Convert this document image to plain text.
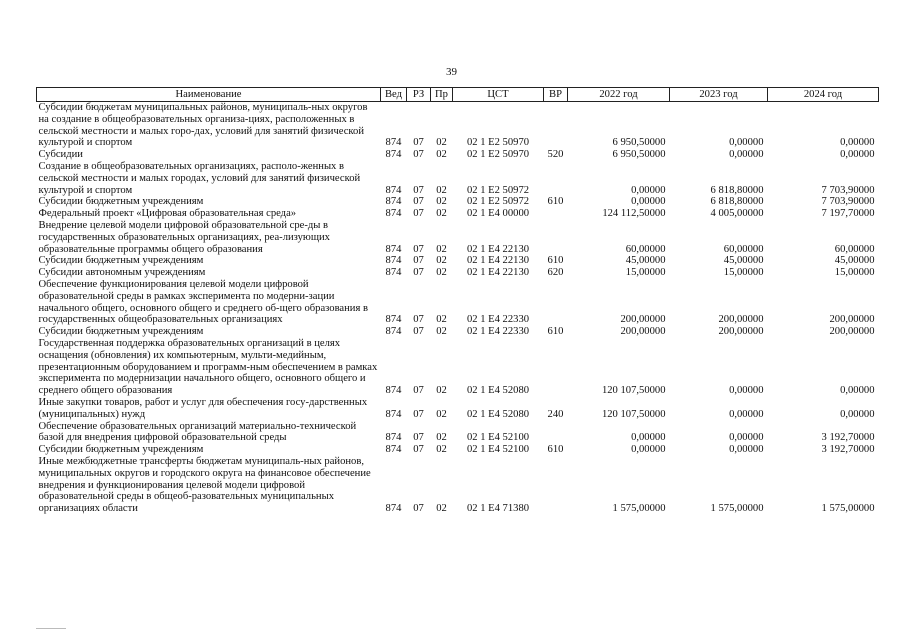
39
Наименование	Вед	РЗ	Пр	ЦСТ	ВР	2022 год	2023 год	2024 год
Субсидии бюджетам муниципальных районов, муниципаль-ных округов на создание в общеобразовательных организа-циях, расположенных в сельской местности и малых горо-дах, условий для занятий физической культурой и спортом	874	07	02	02 1 E2 50970		6 950,50000	0,00000	0,00000
Субсидии	874	07	02	02 1 E2 50970	520	6 950,50000	0,00000	0,00000
Создание в общеобразовательных организациях, располо-женных в сельской местности и малых городах, условий для занятий физической культурой и спортом	874	07	02	02 1 E2 50972		0,00000	6 818,80000	7 703,90000
Субсидии бюджетным учреждениям	874	07	02	02 1 E2 50972	610	0,00000	6 818,80000	7 703,90000
Федеральный проект «Цифровая образовательная среда»	874	07	02	02 1 E4 00000		124 112,50000	4 005,00000	7 197,70000
Внедрение целевой модели цифровой образовательной сре-ды в государственных образовательных организациях, реа-лизующих образовательные программы общего образования	874	07	02	02 1 E4 22130		60,00000	60,00000	60,00000
Субсидии бюджетным учреждениям	874	07	02	02 1 E4 22130	610	45,00000	45,00000	45,00000
Субсидии автономным учреждениям	874	07	02	02 1 E4 22130	620	15,00000	15,00000	15,00000
Обеспечение функционирования целевой модели цифровой образовательной среды в рамках эксперимента по модерни-зации начального общего, основного общего и среднего об-щего образования в государственных общеобразовательных организациях	874	07	02	02 1 E4 22330		200,00000	200,00000	200,00000
Субсидии бюджетным учреждениям	874	07	02	02 1 E4 22330	610	200,00000	200,00000	200,00000
Государственная поддержка образовательных организаций в целях оснащения (обновления) их компьютерным, мульти-медийным, презентационным оборудованием и программ-ным обеспечением в рамках эксперимента по модернизации начального общего, основного общего и среднего общего образования	874	07	02	02 1 E4 52080		120 107,50000	0,00000	0,00000
Иные закупки товаров, работ и услуг для обеспечения госу-дарственных (муниципальных) нужд	874	07	02	02 1 E4 52080	240	120 107,50000	0,00000	0,00000
Обеспечение образовательных организаций материально-технической базой для внедрения цифровой образовательной среды	874	07	02	02 1 E4 52100		0,00000	0,00000	3 192,70000
Субсидии бюджетным учреждениям	874	07	02	02 1 E4 52100	610	0,00000	0,00000	3 192,70000
Иные межбюджетные трансферты бюджетам муниципаль-ных районов, муниципальных округов и городского округа на финансовое обеспечение внедрения и функционирования целевой модели цифровой образовательной среды в общеоб-разовательных муниципальных организациях области	874	07	02	02 1 E4 71380		1 575,00000	1 575,00000	1 575,00000
